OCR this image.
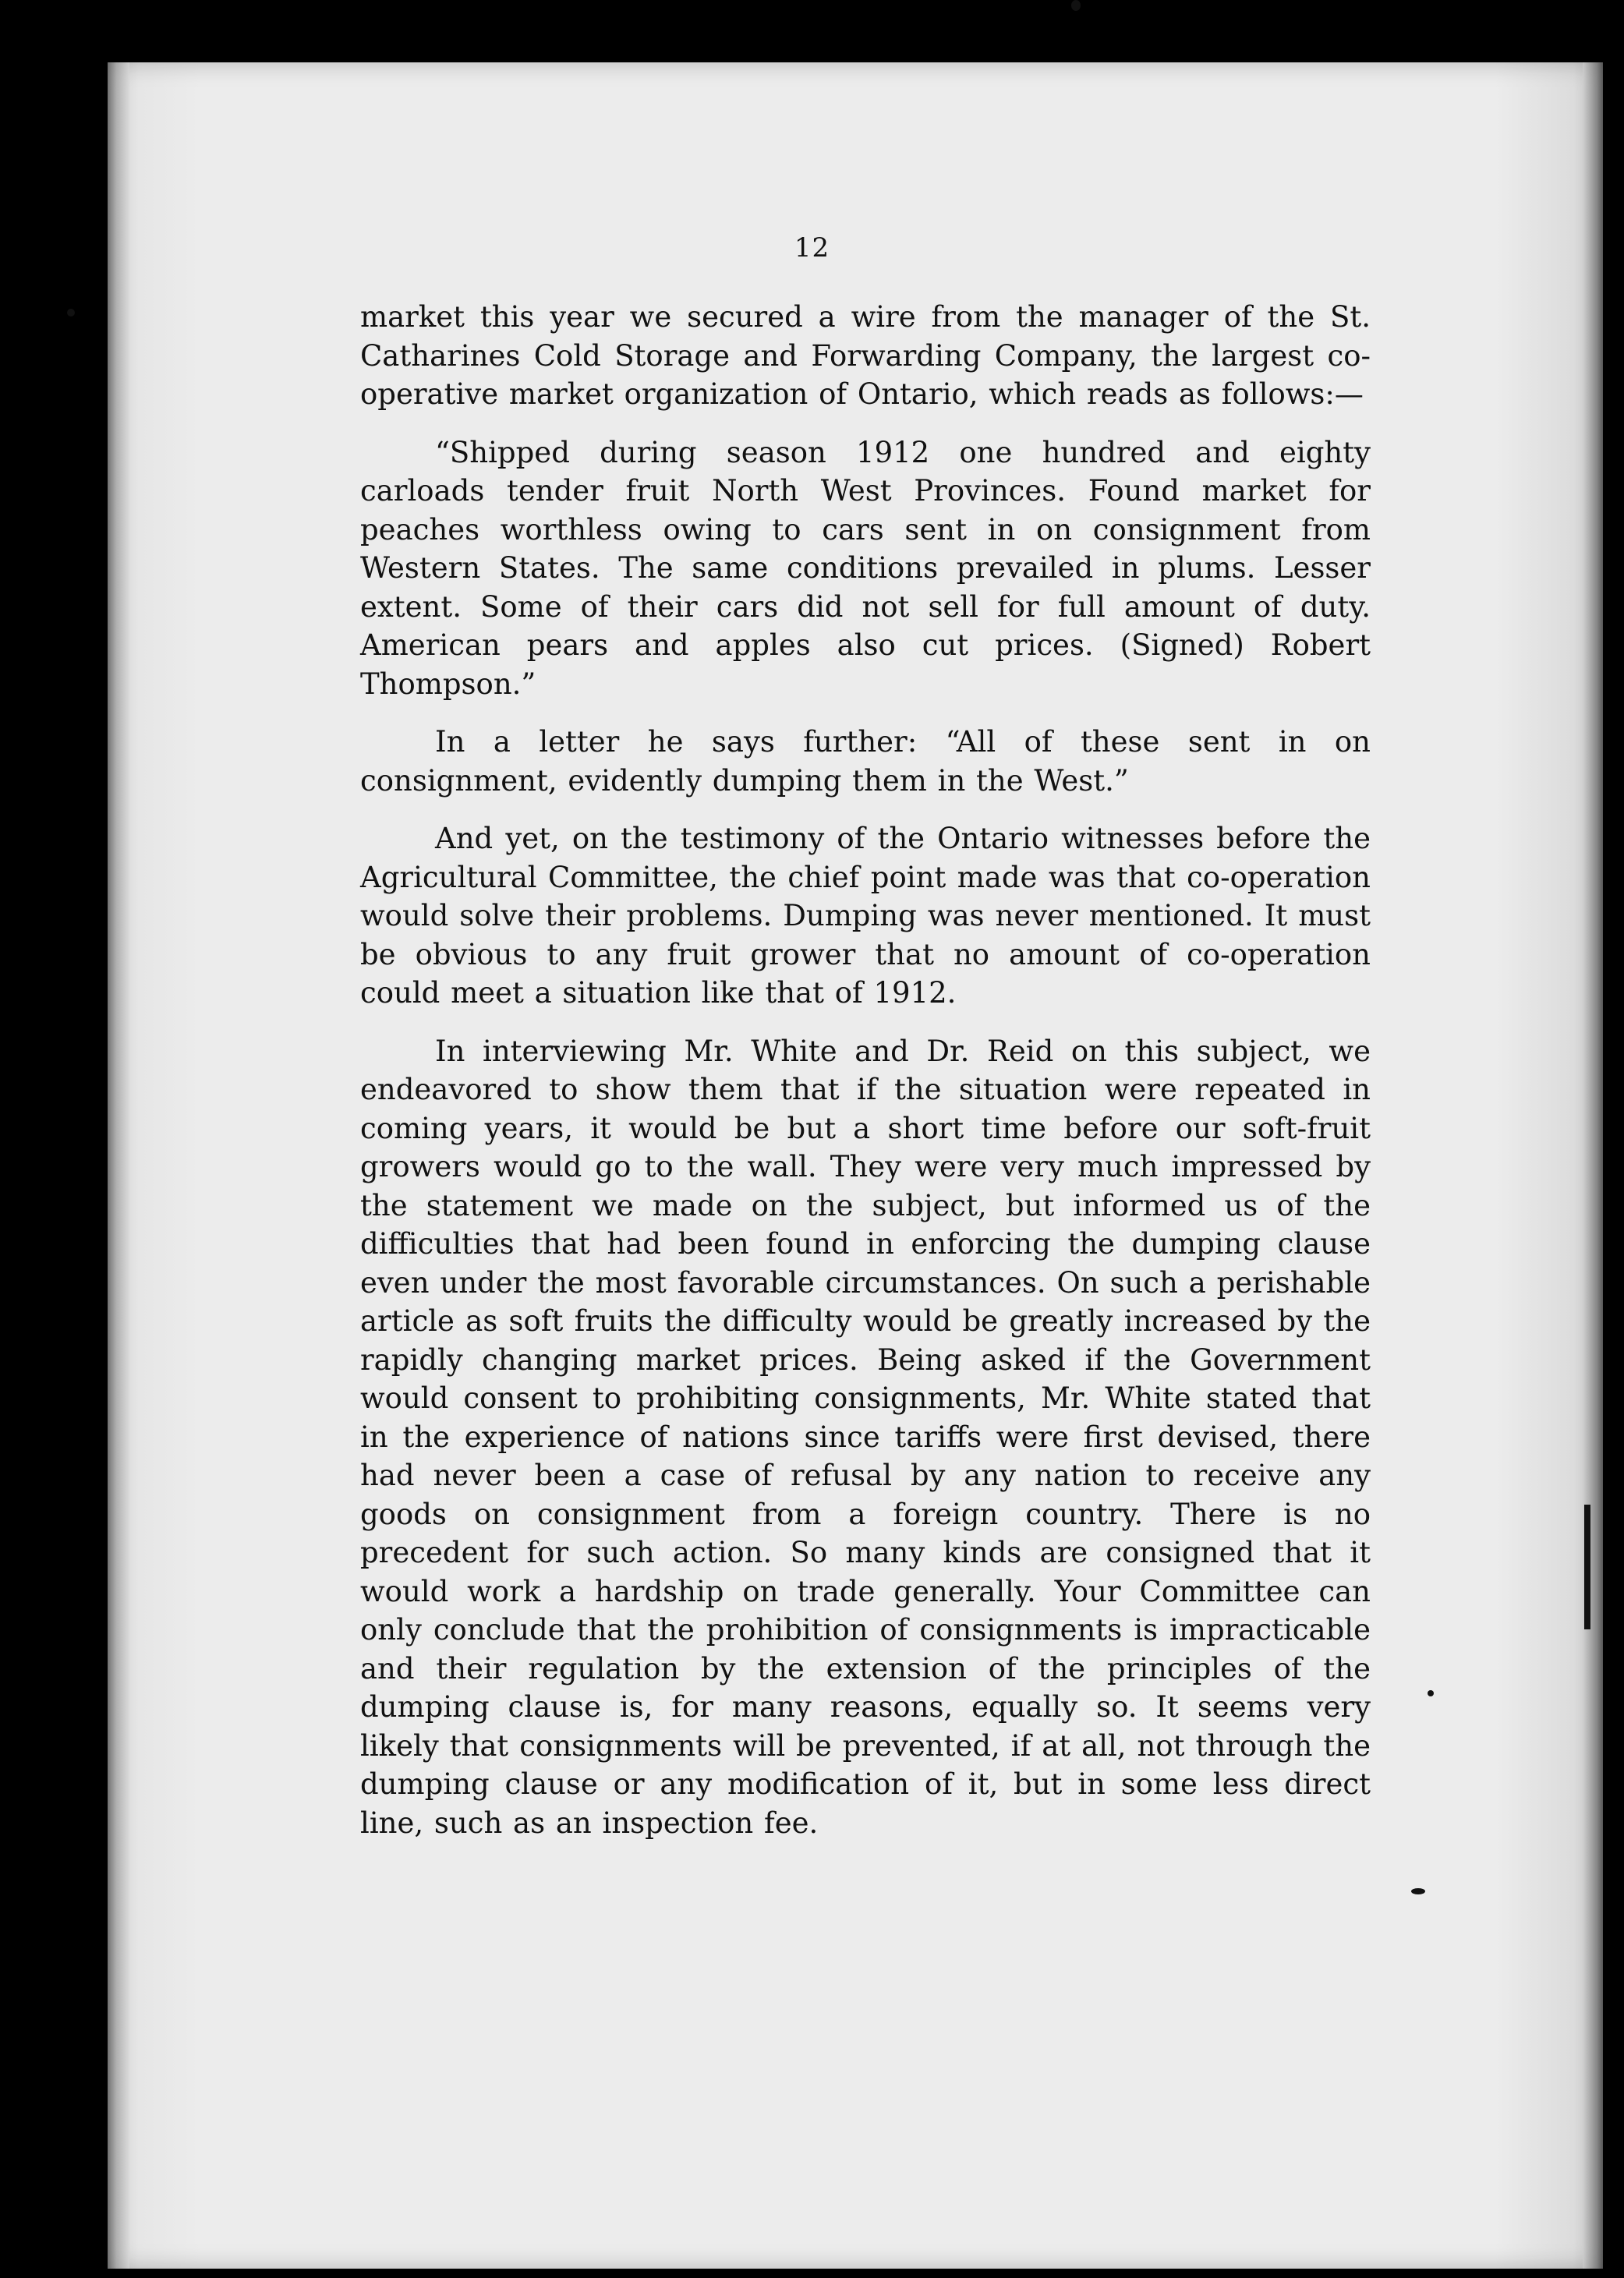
12

market this year we secured a wire from the manager of the St. Catharines Cold Storage and Forwarding Company, the largest co-operative market organization of Ontario, which reads as follows:—

“Shipped during season 1912 one hundred and eighty carloads tender fruit North West Provinces. Found market for peaches worthless owing to cars sent in on consignment from Western States. The same conditions prevailed in plums. Lesser extent. Some of their cars did not sell for full amount of duty. American pears and apples also cut prices. (Signed) Robert Thompson.”

In a letter he says further: “All of these sent in on consignment, evidently dumping them in the West.”

And yet, on the testimony of the Ontario witnesses before the Agricultural Committee, the chief point made was that co-operation would solve their problems. Dumping was never mentioned. It must be obvious to any fruit grower that no amount of co-operation could meet a situation like that of 1912.

In interviewing Mr. White and Dr. Reid on this subject, we endeavored to show them that if the situation were repeated in coming years, it would be but a short time before our soft-fruit growers would go to the wall. They were very much impressed by the statement we made on the subject, but informed us of the difficulties that had been found in enforcing the dumping clause even under the most favorable circumstances. On such a perishable article as soft fruits the difficulty would be greatly increased by the rapidly changing market prices. Being asked if the Government would consent to prohibiting consignments, Mr. White stated that in the experience of nations since tariffs were first devised, there had never been a case of refusal by any nation to receive any goods on consignment from a foreign country. There is no precedent for such action. So many kinds are consigned that it would work a hardship on trade generally. Your Committee can only conclude that the prohibition of consignments is impracticable and their regulation by the extension of the principles of the dumping clause is, for many reasons, equally so. It seems very likely that consignments will be prevented, if at all, not through the dumping clause or any modification of it, but in some less direct line, such as an inspection fee.
